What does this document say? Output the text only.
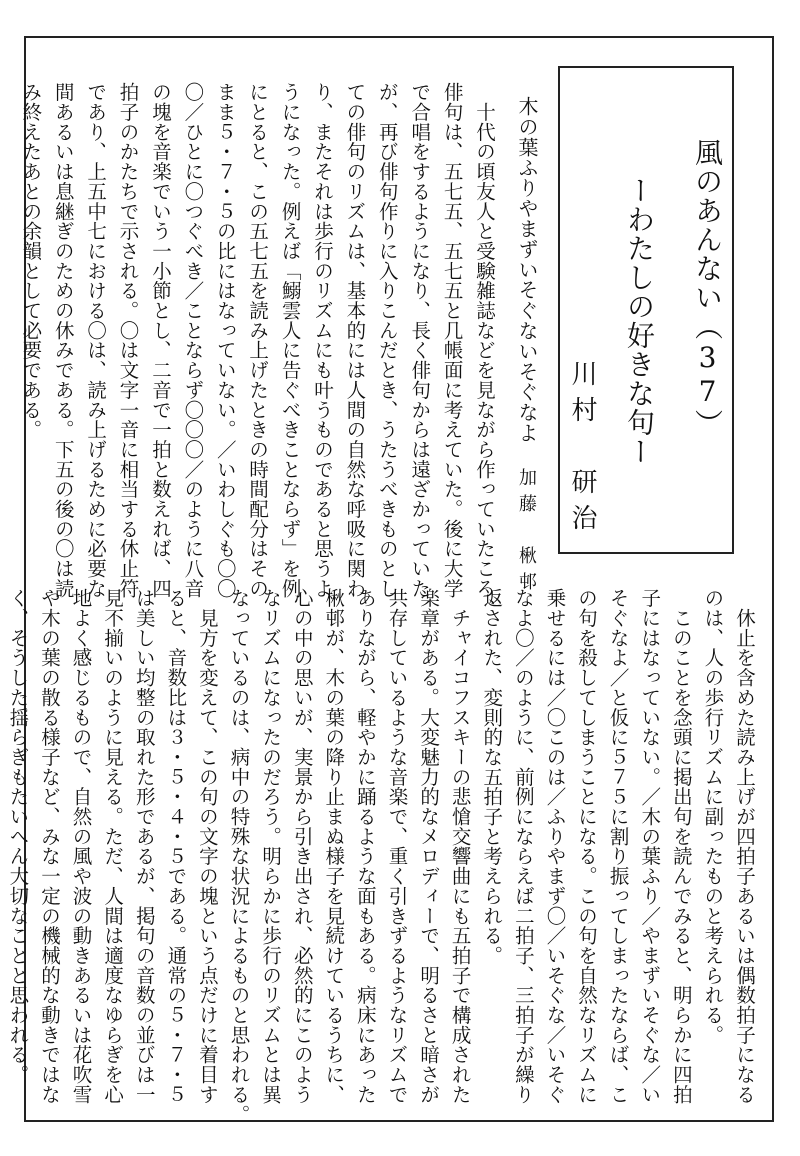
風のあんない（37）
ーわたしの好きな句ー
川村　研治
木の葉ふりやまずいそぐないそぐなよ
加藤　楸邨
　十代の頃友人と受験雑誌などを見ながら作っていたころ、
俳句は、五七五、五七五と几帳面に考えていた。後に大学
で合唱をするようになり、長く俳句からは遠ざかっていた
が、再び俳句作りに入りこんだとき、うたうべきものとし
ての俳句のリズムは、基本的には人間の自然な呼吸に関わ
り、またそれは歩行のリズムにも叶うものであると思うよ
うになった。例えば「鰯雲人に告ぐべきことならず」を例
にとると、この五七五を読み上げたときの時間配分はその
まま５・７・５の比にはなっていない。／いわしぐも〇〇
〇／ひとに〇つぐべき／ことならず〇〇〇／のように八音
の塊を音楽でいう一小節とし、二音で一拍と数えれば、四
拍子のかたちで示される。〇は文字一音に相当する休止符
であり、上五中七における〇は、読み上げるために必要な
間あるいは息継ぎのための休みである。下五の後の〇は読
み終えたあとの余韻として必要である。
　休止を含めた読み上げが四拍子あるいは偶数拍子になる
のは、人の歩行リズムに副ったものと考えられる。
　このことを念頭に掲出句を読んでみると、明らかに四拍
子にはなっていない。／木の葉ふり／やまずいそぐな／い
そぐなよ／と仮に５７５に割り振ってしまったならば、こ
の句を殺してしまうことになる。この句を自然なリズムに
乗せるには／〇このは／ふりやまず〇／いそぐな／いそぐ
なよ〇／のように、前例にならえば二拍子、三拍子が繰り
返された、変則的な五拍子と考えられる。
　チャイコフスキーの悲愴交響曲にも五拍子で構成された
楽章がある。大変魅力的なメロディーで、明るさと暗さが
共存しているような音楽で、重く引きずるようなリズムで
ありながら、軽やかに踊るような面もある。病床にあった
楸邨が、木の葉の降り止まぬ様子を見続けているうちに、
心の中の思いが、実景から引き出され、必然的にこのよう
なリズムになったのだろう。明らかに歩行のリズムとは異
なっているのは、病中の特殊な状況によるものと思われる。
　見方を変えて、この句の文字の塊という点だけに着目す
ると、音数比は３・５・４・５である。通常の５・７・５
は美しい均整の取れた形であるが、掲句の音数の並びは一
見不揃いのように見える。ただ、人間は適度なゆらぎを心
地よく感じるもので、自然の風や波の動きあるいは花吹雪
や木の葉の散る様子など、みな一定の機械的な動きではな
く、そうした揺らぎもたいへん大切なことと思われる。
